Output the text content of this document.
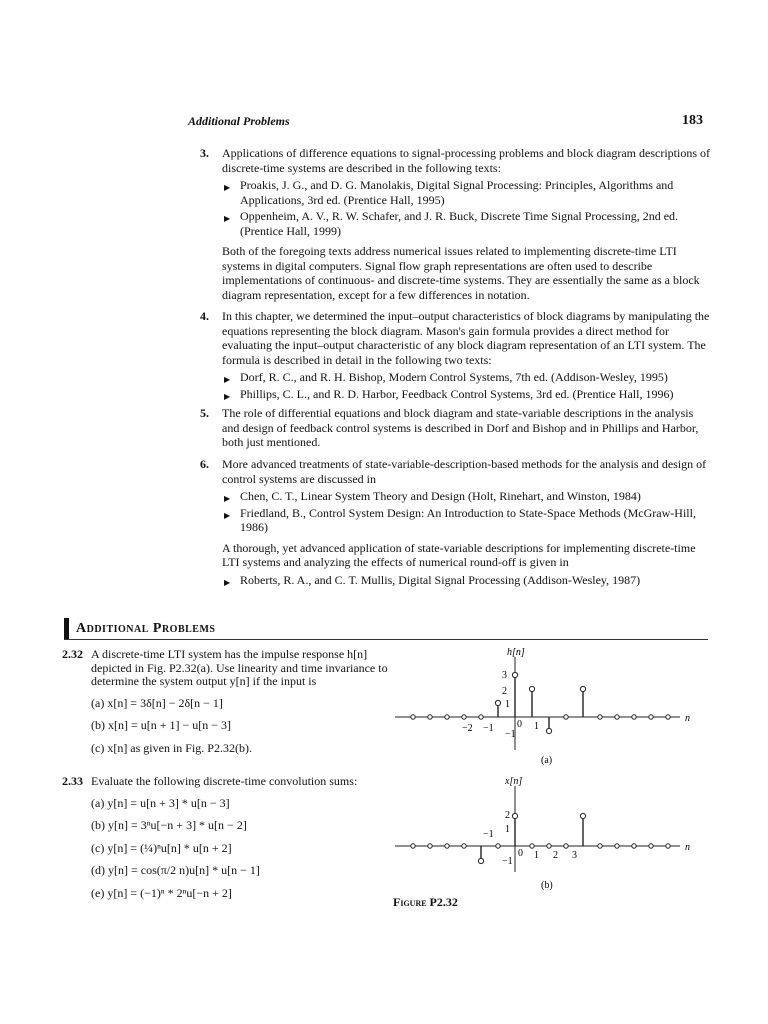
Additional Problems	183
3. Applications of difference equations to signal-processing problems and block diagram descriptions of discrete-time systems are described in the following texts:
▶ Proakis, J. G., and D. G. Manolakis, Digital Signal Processing: Principles, Algorithms and Applications, 3rd ed. (Prentice Hall, 1995)
▶ Oppenheim, A. V., R. W. Schafer, and J. R. Buck, Discrete Time Signal Processing, 2nd ed. (Prentice Hall, 1999)
Both of the foregoing texts address numerical issues related to implementing discrete-time LTI systems in digital computers. Signal flow graph representations are often used to describe implementations of continuous- and discrete-time systems. They are essentially the same as a block diagram representation, except for a few differences in notation.
4. In this chapter, we determined the input–output characteristics of block diagrams by manipulating the equations representing the block diagram. Mason's gain formula provides a direct method for evaluating the input–output characteristic of any block diagram representation of an LTI system. The formula is described in detail in the following two texts:
▶ Dorf, R. C., and R. H. Bishop, Modern Control Systems, 7th ed. (Addison-Wesley, 1995)
▶ Phillips, C. L., and R. D. Harbor, Feedback Control Systems, 3rd ed. (Prentice Hall, 1996)
5. The role of differential equations and block diagram and state-variable descriptions in the analysis and design of feedback control systems is described in Dorf and Bishop and in Phillips and Harbor, both just mentioned.
6. More advanced treatments of state-variable-description-based methods for the analysis and design of control systems are discussed in
▶ Chen, C. T., Linear System Theory and Design (Holt, Rinehart, and Winston, 1984)
▶ Friedland, B., Control System Design: An Introduction to State-Space Methods (McGraw-Hill, 1986)
A thorough, yet advanced application of state-variable descriptions for implementing discrete-time LTI systems and analyzing the effects of numerical round-off is given in
▶ Roberts, R. A., and C. T. Mullis, Digital Signal Processing (Addison-Wesley, 1987)
Additional Problems
2.32 A discrete-time LTI system has the impulse response h[n] depicted in Fig. P2.32(a). Use linearity and time invariance to determine the system output y[n] if the input is
(a) x[n] = 3δ[n] − 2δ[n − 1]
(b) x[n] = u[n + 1] − u[n − 3]
(c) x[n] as given in Fig. P2.32(b).
2.33 Evaluate the following discrete-time convolution sums:
(a) y[n] = u[n + 3] * u[n − 3]
(b) y[n] = 3ⁿu[−n + 3] * u[n − 2]
(c) y[n] = (¼)ⁿu[n] * u[n + 2]
(d) y[n] = cos(π/2 n)u[n] * u[n − 1]
(e) y[n] = (−1)ⁿ * 2ⁿu[−n + 2]
h[n]
n
3
2
1
−1
−2 −1 0 1
(a)
x[n]
n
2
1
−1
−1
0 1 2 3
(b)
Figure P2.32
